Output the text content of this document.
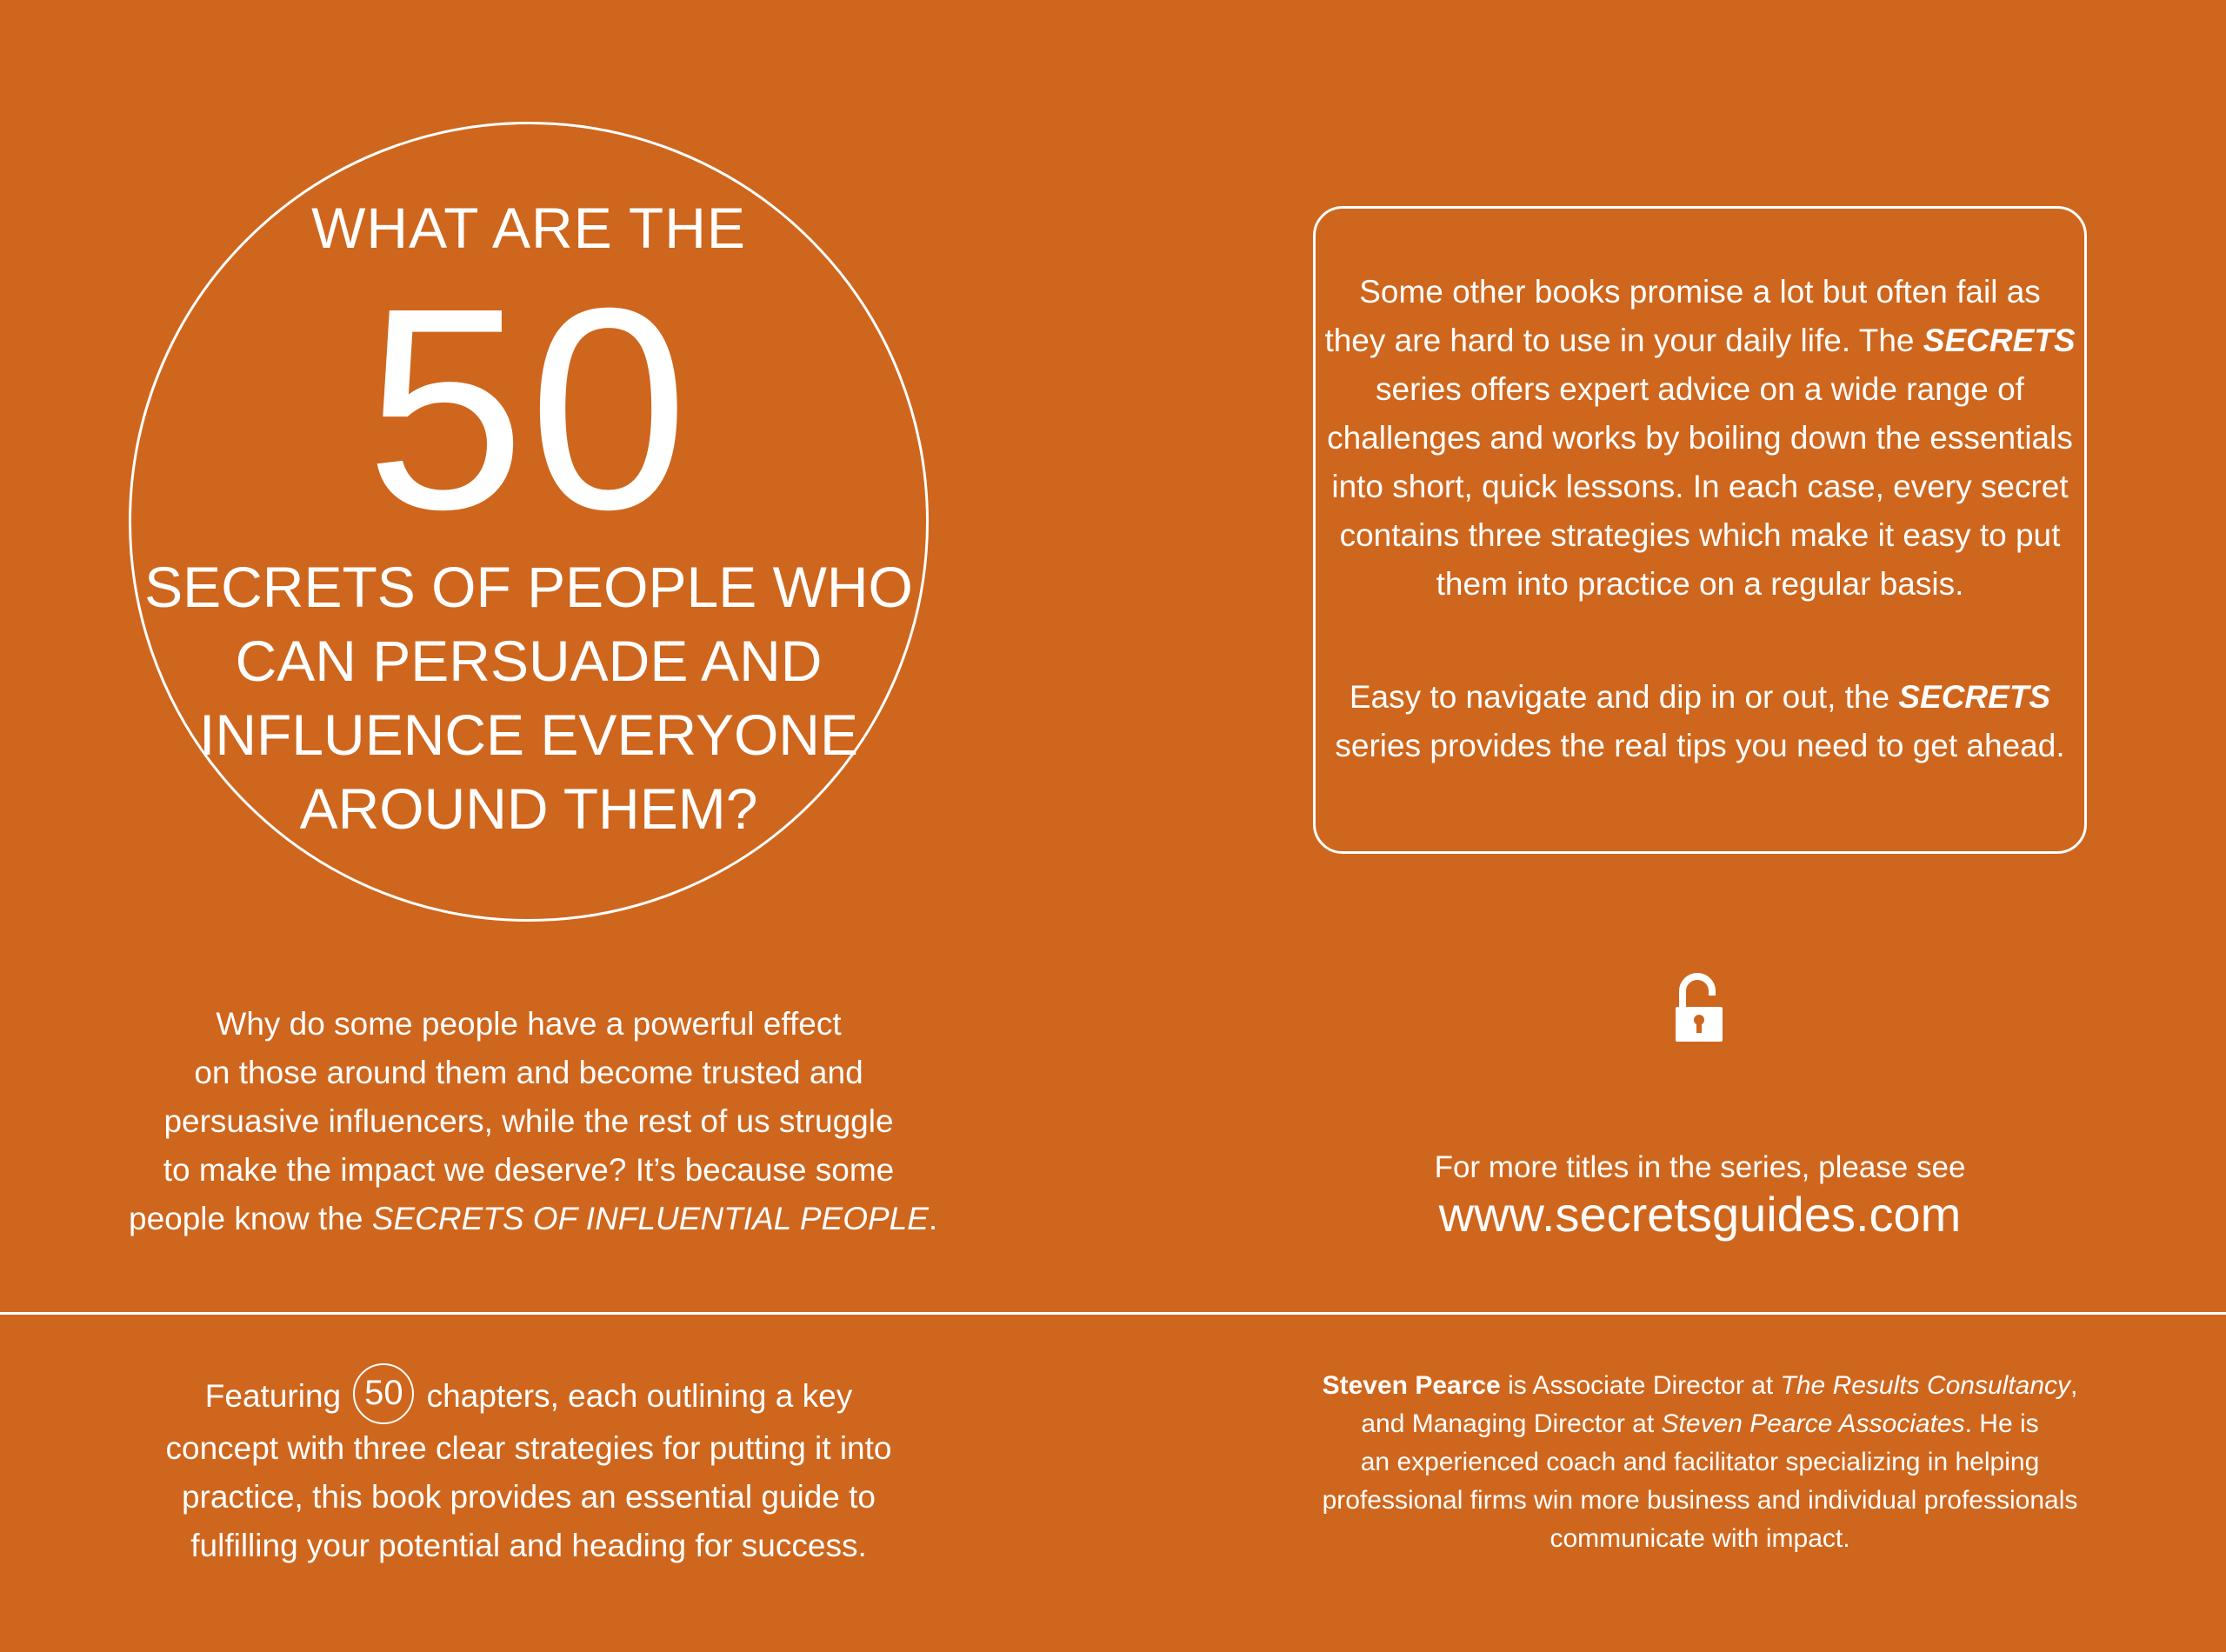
WHAT ARE THE
50
SECRETS OF PEOPLE WHO
CAN PERSUADE AND
INFLUENCE EVERYONE
AROUND THEM?
Why do some people have a powerful effect
on those around them and become trusted and
persuasive influencers, while the rest of us struggle
to make the impact we deserve? It’s because some
people know the SECRETS OF INFLUENTIAL PEOPLE.
Some other books promise a lot but often fail as
they are hard to use in your daily life. The SECRETS
series offers expert advice on a wide range of
challenges and works by boiling down the essentials
into short, quick lessons. In each case, every secret
contains three strategies which make it easy to put
them into practice on a regular basis.
Easy to navigate and dip in or out, the SECRETS
series provides the real tips you need to get ahead.
For more titles in the series, please see
www.secretsguides.com
Featuring 50 chapters, each outlining a key
concept with three clear strategies for putting it into
practice, this book provides an essential guide to
fulfilling your potential and heading for success.
Steven Pearce is Associate Director at The Results Consultancy,
and Managing Director at Steven Pearce Associates. He is
an experienced coach and facilitator specializing in helping
professional firms win more business and individual professionals
communicate with impact.
